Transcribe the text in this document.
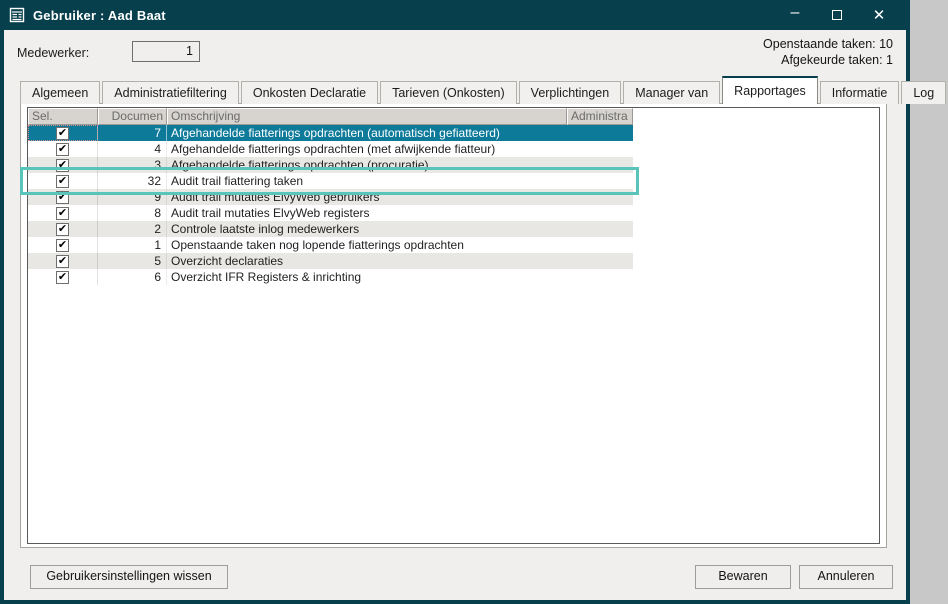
Gebruiker : Aad Baat	–	✕
Medewerker:	1	Openstaande taken: 10
Afgekeurde taken: 1
Algemeen	Administratiefiltering	Onkosten Declaratie	Tarieven (Onkosten)	Verplichtingen	Manager van	Rapportages	Informatie	Log
Sel.	Documen Omschrijving	Administra
✔	7 Afgehandelde fiatterings opdrachten (automatisch gefiatteerd)
✔	4 Afgehandelde fiatterings opdrachten (met afwijkende fiatteur)
✔	3 Afgehandelde fiatterings opdrachten (procuratie)
✔	32 Audit trail fiattering taken
✔	9 Audit trail mutaties ElvyWeb gebruikers
✔	8 Audit trail mutaties ElvyWeb registers
✔	2 Controle laatste inlog medewerkers
✔	1 Openstaande taken nog lopende fiatterings opdrachten
✔	5 Overzicht declaraties
✔	6 Overzicht IFR Registers & inrichting
Gebruikersinstellingen wissen	Bewaren	Annuleren
